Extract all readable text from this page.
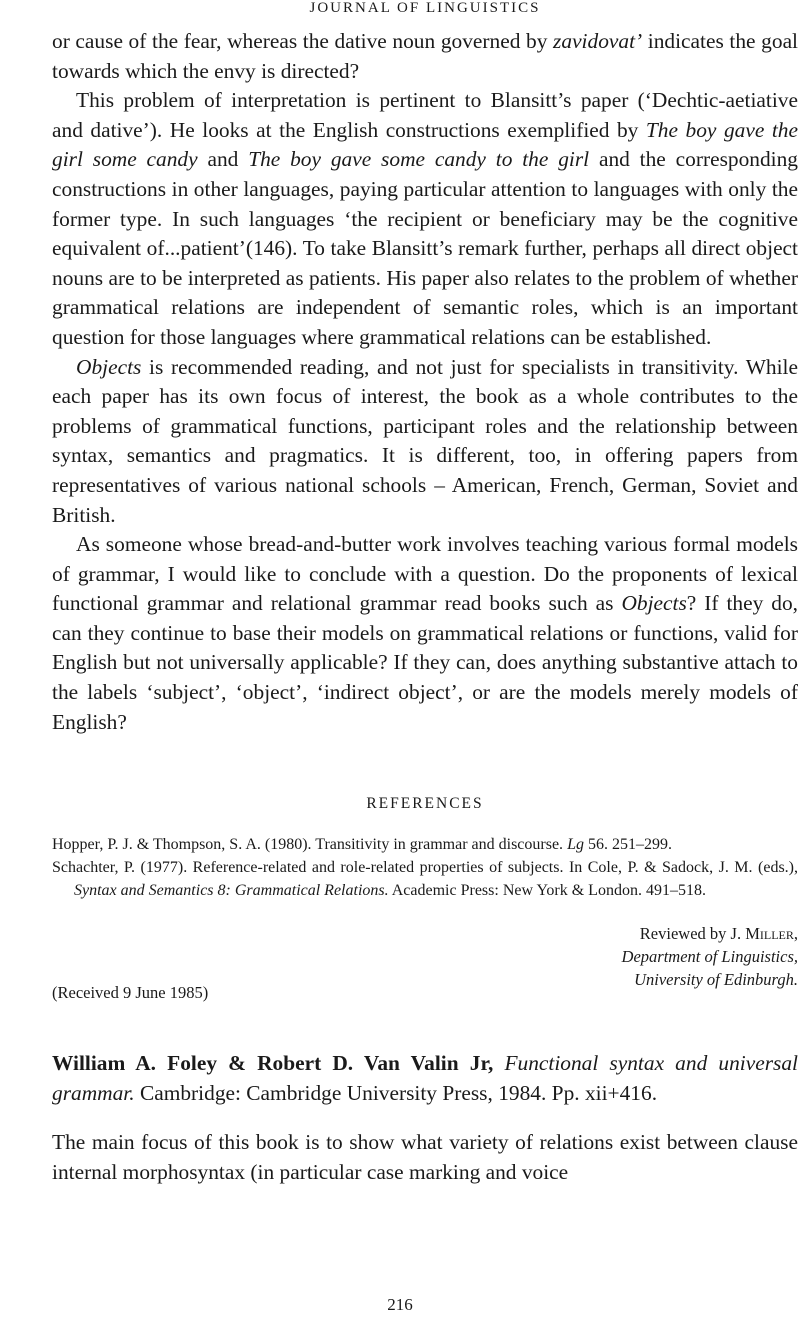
JOURNAL OF LINGUISTICS

or cause of the fear, whereas the dative noun governed by zavidovat’ indicates the goal towards which the envy is directed?

This problem of interpretation is pertinent to Blansitt’s paper (‘Dechtic-aetiative and dative’). He looks at the English constructions exemplified by The boy gave the girl some candy and The boy gave some candy to the girl and the corresponding constructions in other languages, paying particular attention to languages with only the former type. In such languages ‘the recipient or beneficiary may be the cognitive equivalent of...patient’(146). To take Blansitt’s remark further, perhaps all direct object nouns are to be interpreted as patients. His paper also relates to the problem of whether grammatical relations are independent of semantic roles, which is an important question for those languages where grammatical relations can be established.

Objects is recommended reading, and not just for specialists in transitivity. While each paper has its own focus of interest, the book as a whole contributes to the problems of grammatical functions, participant roles and the relationship between syntax, semantics and pragmatics. It is different, too, in offering papers from representatives of various national schools – American, French, German, Soviet and British.

As someone whose bread-and-butter work involves teaching various formal models of grammar, I would like to conclude with a question. Do the proponents of lexical functional grammar and relational grammar read books such as Objects? If they do, can they continue to base their models on grammatical relations or functions, valid for English but not universally applicable? If they can, does anything substantive attach to the labels ‘subject’, ‘object’, ‘indirect object’, or are the models merely models of English?

REFERENCES

Hopper, P. J. & Thompson, S. A. (1980). Transitivity in grammar and discourse. Lg 56. 251–299.

Schachter, P. (1977). Reference-related and role-related properties of subjects. In Cole, P. & Sadock, J. M. (eds.), Syntax and Semantics 8: Grammatical Relations. Academic Press: New York & London. 491–518.

Reviewed by J. Miller,
Department of Linguistics,
University of Edinburgh.
(Received 9 June 1985)

William A. Foley & Robert D. Van Valin Jr, Functional syntax and universal grammar. Cambridge: Cambridge University Press, 1984. Pp. xii+416.

The main focus of this book is to show what variety of relations exist between clause internal morphosyntax (in particular case marking and voice

216
